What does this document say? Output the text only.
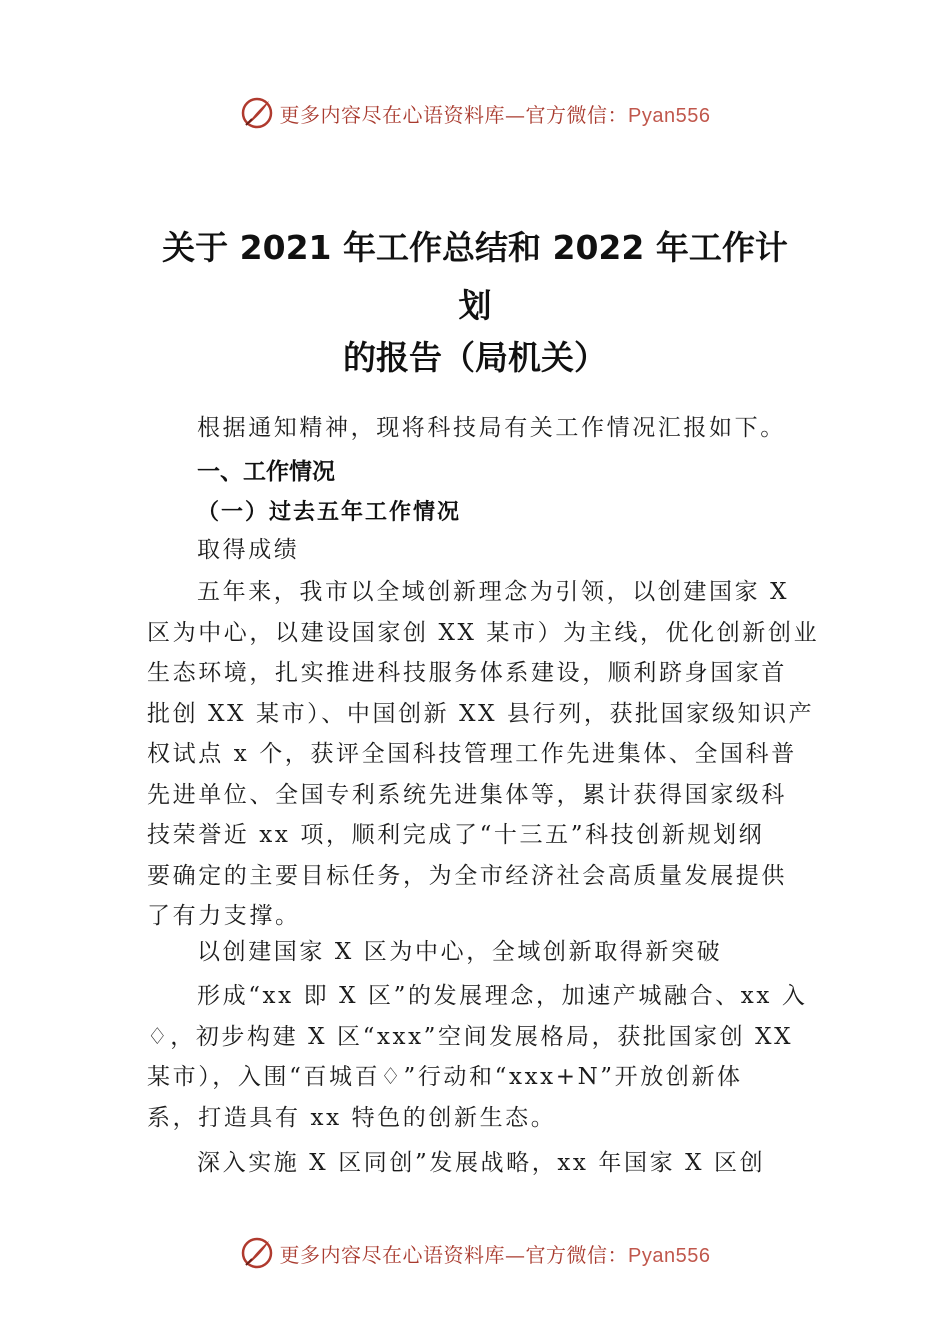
更多内容尽在心语资料库—官方微信：Pyan556
关于 2021 年工作总结和 2022 年工作计
划
的报告（局机关）
根据通知精神，现将科技局有关工作情况汇报如下。
一、工作情况
（一）过去五年工作情况
取得成绩
五年来，我市以全域创新理念为引领，以创建国家 X
区为中心，以建设国家创 XX 某市）为主线，优化创新创业
生态环境，扎实推进科技服务体系建设，顺利跻身国家首
批创 XX 某市）、中国创新 XX 县行列，获批国家级知识产
权试点 x 个，获评全国科技管理工作先进集体、全国科普
先进单位、全国专利系统先进集体等，累计获得国家级科
技荣誉近 xx 项，顺利完成了“十三五”科技创新规划纲
要确定的主要目标任务，为全市经济社会高质量发展提供
了有力支撑。
以创建国家 X 区为中心，全域创新取得新突破
形成“xx 即 X 区”的发展理念，加速产城融合、xx 入
♢，初步构建 X 区“xxx”空间发展格局，获批国家创 XX
某市），入围“百城百♢”行动和“xxx+N”开放创新体
系，打造具有 xx 特色的创新生态。
深入实施 X 区同创”发展战略，xx 年国家 X 区创
更多内容尽在心语资料库—官方微信：Pyan556
